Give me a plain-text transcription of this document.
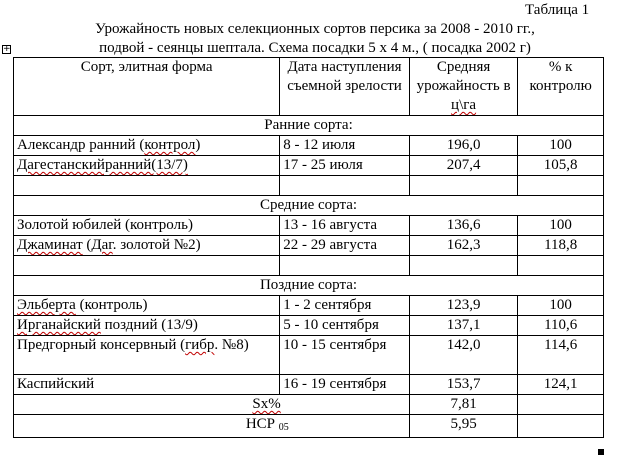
Таблица 1
Урожайность новых селекционных сортов персика за 2008 - 2010 гг.,
подвой - сеянцы шептала. Схема посадки 5 х 4 м., ( посадка 2002 г)
+
Сорт, элитная форма	Дата наступления съемной зрелости	Средняя урожайность в ц\га	% к контролю
Ранние сорта:			
Александр ранний (контрол)	8 - 12 июля	196,0	100
Дагестанскийранний(13/7)	17 - 25 июля	207,4	105,8

Средние сорта:			
Золотой юбилей (контроль)	13 - 16 августа	136,6	100
Джаминат (Даг. золотой №2)	22 - 29 августа	162,3	118,8

Поздние сорта:			
Эльберта (контроль)	1 - 2 сентября	123,9	100
Ирганайский поздний (13/9)	5 - 10 сентября	137,1	110,6
Предгорный консервный (гибр. №8)	10 - 15 сентября	142,0	114,6
Каспийский	16 - 19 сентября	153,7	124,1
Sx%		7,81	
НСР $_{05}$		5,95	
